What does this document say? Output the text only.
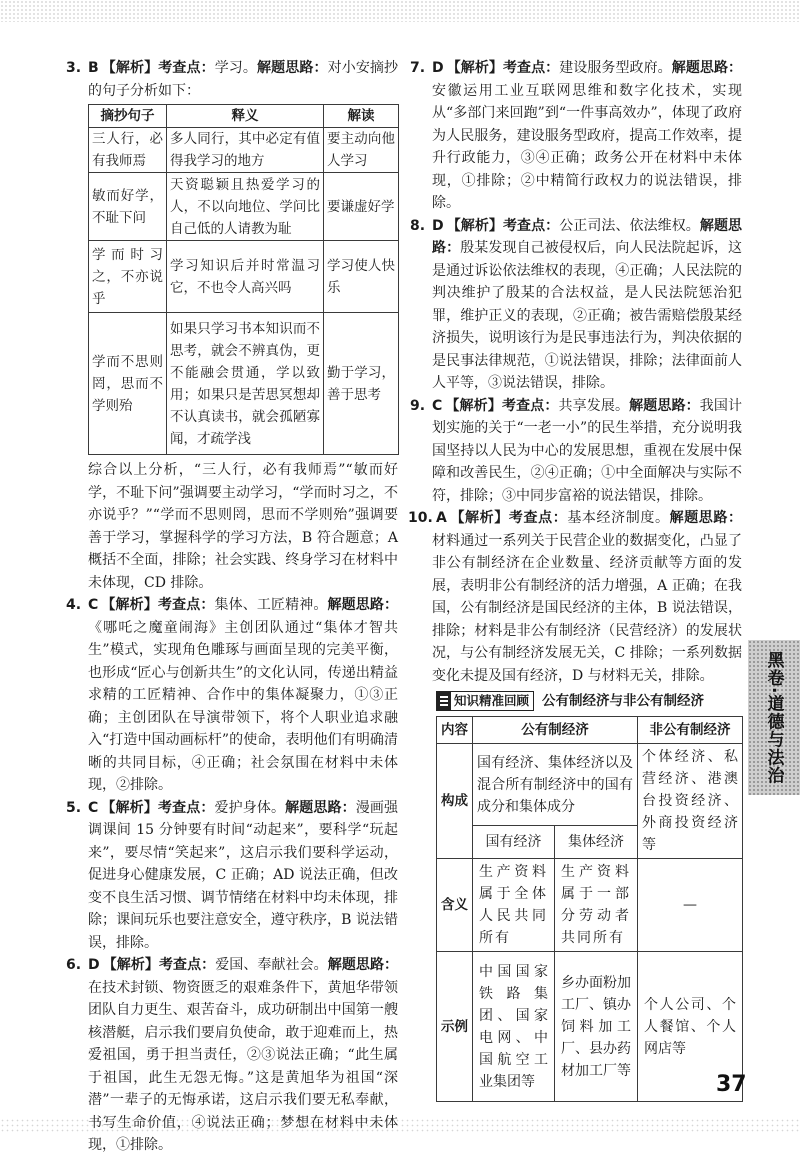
3. B 【解析】考查点：学习。解题思路：对小安摘抄的句子分析如下：
摘抄句子	释义	解读
三人行，必有我师焉	多人同行，其中必定有值得我学习的地方	要主动向他人学习
敏而好学，不耻下问	天资聪颖且热爱学习的人，不以向地位、学问比自己低的人请教为耻	要谦虚好学
学而时习之，不亦说乎	学习知识后并时常温习它，不也令人高兴吗	学习使人快乐
学而不思则罔，思而不学则殆	如果只学习书本知识而不思考，就会不辨真伪，更不能融会贯通，学以致用；如果只是苦思冥想却不认真读书，就会孤陋寡闻，才疏学浅	勤于学习，善于思考
综合以上分析，“三人行，必有我师焉”“敏而好学，不耻下问”强调要主动学习，“学而时习之，不亦说乎？”“学而不思则罔，思而不学则殆”强调要善于学习，掌握科学的学习方法，B 符合题意；A 概括不全面，排除；社会实践、终身学习在材料中未体现，CD 排除。
4. C 【解析】考查点：集体、工匠精神。解题思路：《哪吒之魔童闹海》主创团队通过“集体才智共生”模式，实现角色雕琢与画面呈现的完美平衡，也形成“匠心与创新共生”的文化认同，传递出精益求精的工匠精神、合作中的集体凝聚力，①③正确；主创团队在导演带领下，将个人职业追求融入“打造中国动画标杆”的使命，表明他们有明确清晰的共同目标，④正确；社会氛围在材料中未体现，②排除。
5. C 【解析】考查点：爱护身体。解题思路：漫画强调课间 15 分钟要有时间“动起来”，要科学“玩起来”，要尽情“笑起来”，这启示我们要科学运动，促进身心健康发展，C 正确；AD 说法正确，但改变不良生活习惯、调节情绪在材料中均未体现，排除；课间玩乐也要注意安全，遵守秩序，B 说法错误，排除。
6. D 【解析】考查点：爱国、奉献社会。解题思路：在技术封锁、物资匮乏的艰难条件下，黄旭华带领团队自力更生、艰苦奋斗，成功研制出中国第一艘核潜艇，启示我们要肩负使命，敢于迎难而上，热爱祖国，勇于担当责任，②③说法正确；“此生属于祖国，此生无怨无悔。”这是黄旭华为祖国“深潜”一辈子的无悔承诺，这启示我们要无私奉献，书写生命价值，④说法正确；梦想在材料中未体现，①排除。
7. D 【解析】考查点：建设服务型政府。解题思路：安徽运用工业互联网思维和数字化技术，实现从“多部门来回跑”到“一件事高效办”，体现了政府为人民服务，建设服务型政府，提高工作效率，提升行政能力，③④正确；政务公开在材料中未体现，①排除；②中精简行政权力的说法错误，排除。
8. D 【解析】考查点：公正司法、依法维权。解题思路：殷某发现自己被侵权后，向人民法院起诉，这是通过诉讼依法维权的表现，④正确；人民法院的判决维护了殷某的合法权益，是人民法院惩治犯罪，维护正义的表现，②正确；被告需赔偿殷某经济损失，说明该行为是民事违法行为，判决依据的是民事法律规范，①说法错误，排除；法律面前人人平等，③说法错误，排除。
9. C 【解析】考查点：共享发展。解题思路：我国计划实施的关于“一老一小”的民生举措，充分说明我国坚持以人民为中心的发展思想，重视在发展中保障和改善民生，②④正确；①中全面解决与实际不符，排除；③中同步富裕的说法错误，排除。
10. A 【解析】考查点：基本经济制度。解题思路：材料通过一系列关于民营企业的数据变化，凸显了非公有制经济在企业数量、经济贡献等方面的发展，表明非公有制经济的活力增强，A 正确；在我国，公有制经济是国民经济的主体，B 说法错误，排除；材料是非公有制经济（民营经济）的发展状况，与公有制经济发展无关，C 排除；一系列数据变化未提及国有经济，D 与材料无关，排除。
知识精准回顾 公有制经济与非公有制经济
内容	公有制经济		非公有制经济
构成	国有经济、集体经济以及混合所有制经济中的国有成分和集体成分		个体经济、私营经济、港澳台投资经济、外商投资经济等
	国有经济	集体经济	
含义	生产资料属于全体人民共同所有	生产资料属于一部分劳动者共同所有	—
示例	中国国家铁路集团、国家电网、中国航空工业集团等	乡办面粉加工厂、镇办饲料加工厂、县办药材加工厂等	个人公司、个人餐馆、个人网店等
黑卷·道德与法治
37
